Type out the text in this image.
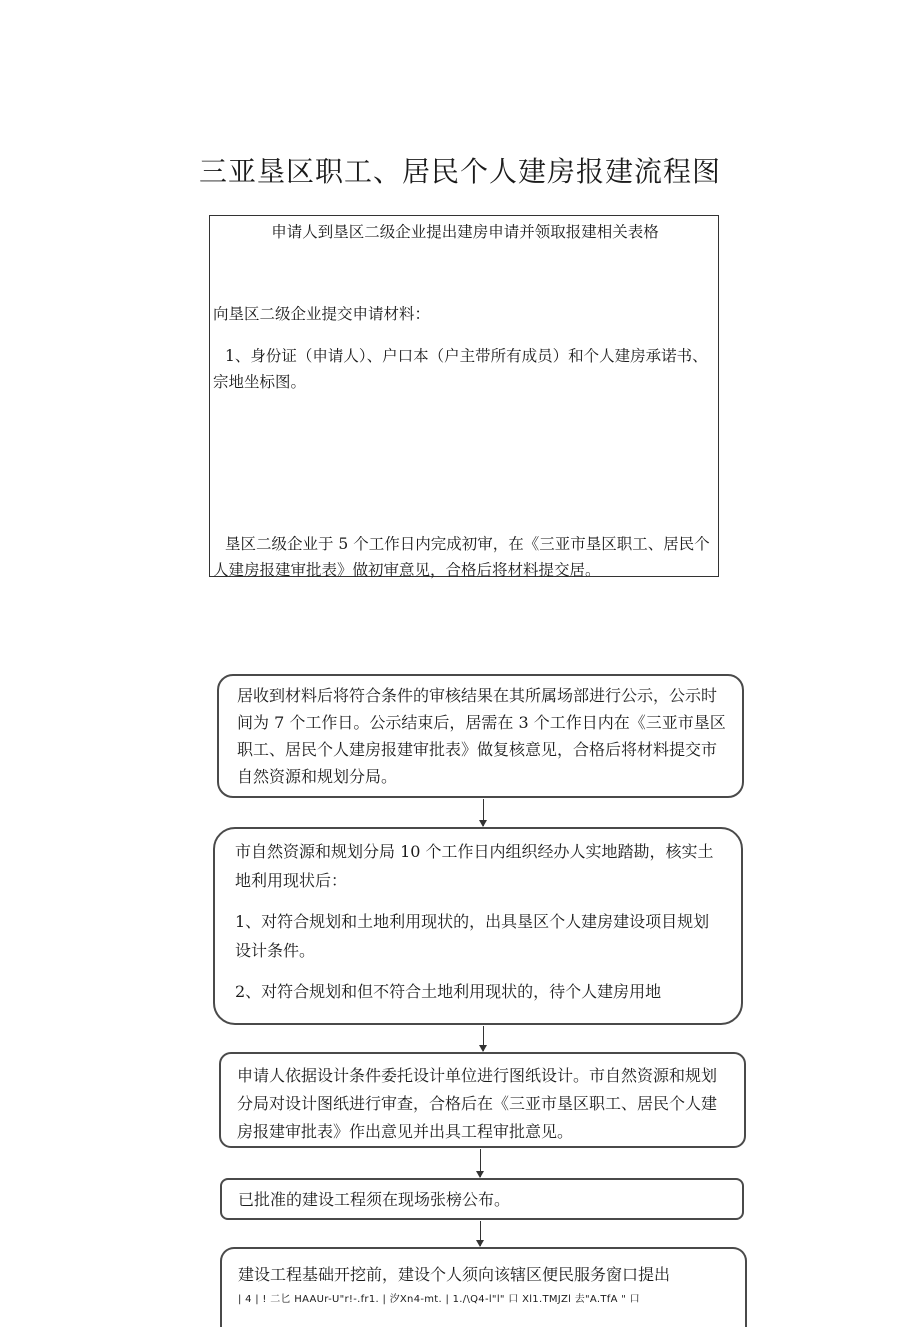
三亚垦区职工、居民个人建房报建流程图
申请人到垦区二级企业提出建房申请并领取报建相关表格
向垦区二级企业提交申请材料：
1、身份证（申请人）、户口本（户主带所有成员）和个人建房承诺书、宗地坐标图。
垦区二级企业于 5 个工作日内完成初审，在《三亚市垦区职工、居民个人建房报建审批表》做初审意见，合格后将材料提交居。

居收到材料后将符合条件的审核结果在其所属场部进行公示，公示时间为 7 个工作日。公示结束后，居需在 3 个工作日内在《三亚市垦区职工、居民个人建房报建审批表》做复核意见，合格后将材料提交市自然资源和规划分局。

市自然资源和规划分局 10 个工作日内组织经办人实地踏勘，核实土地利用现状后：

1、对符合规划和土地利用现状的，出具垦区个人建房建设项目规划设计条件。

2、对符合规划和但不符合土地利用现状的，待个人建房用地

申请人依据设计条件委托设计单位进行图纸设计。市自然资源和规划分局对设计图纸进行审查，合格后在《三亚市垦区职工、居民个人建房报建审批表》作出意见并出具工程审批意见。

已批准的建设工程须在现场张榜公布。

建设工程基础开挖前，建设个人须向该辖区便民服务窗口提出

| 4 | ! 二匕 HAAUr-U"r!-.fr1. | 汐Xn4-mt. | 1./\Q4-l"l" 口 Xl1.TMJZl 去"A.TfA " 口
